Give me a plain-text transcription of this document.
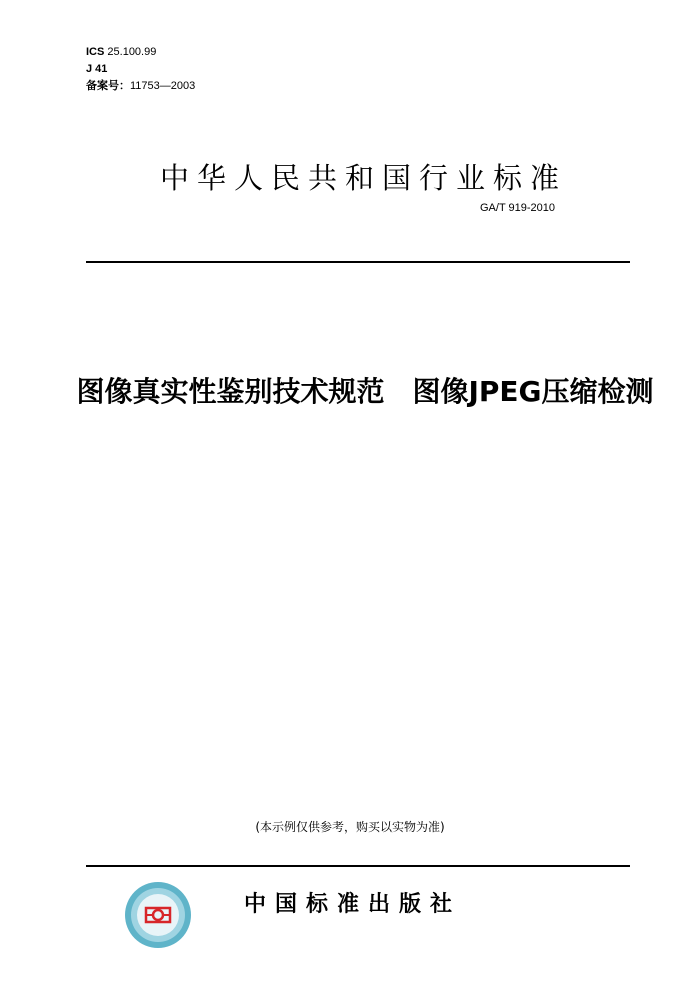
ICS 25.100.99
J 41
备案号：11753—2003
中华人民共和国行业标准
GA/T 919-2010
图像真实性鉴别技术规范　图像JPEG压缩检测
(本示例仅供参考，购买以实物为准)
中国标准出版社
